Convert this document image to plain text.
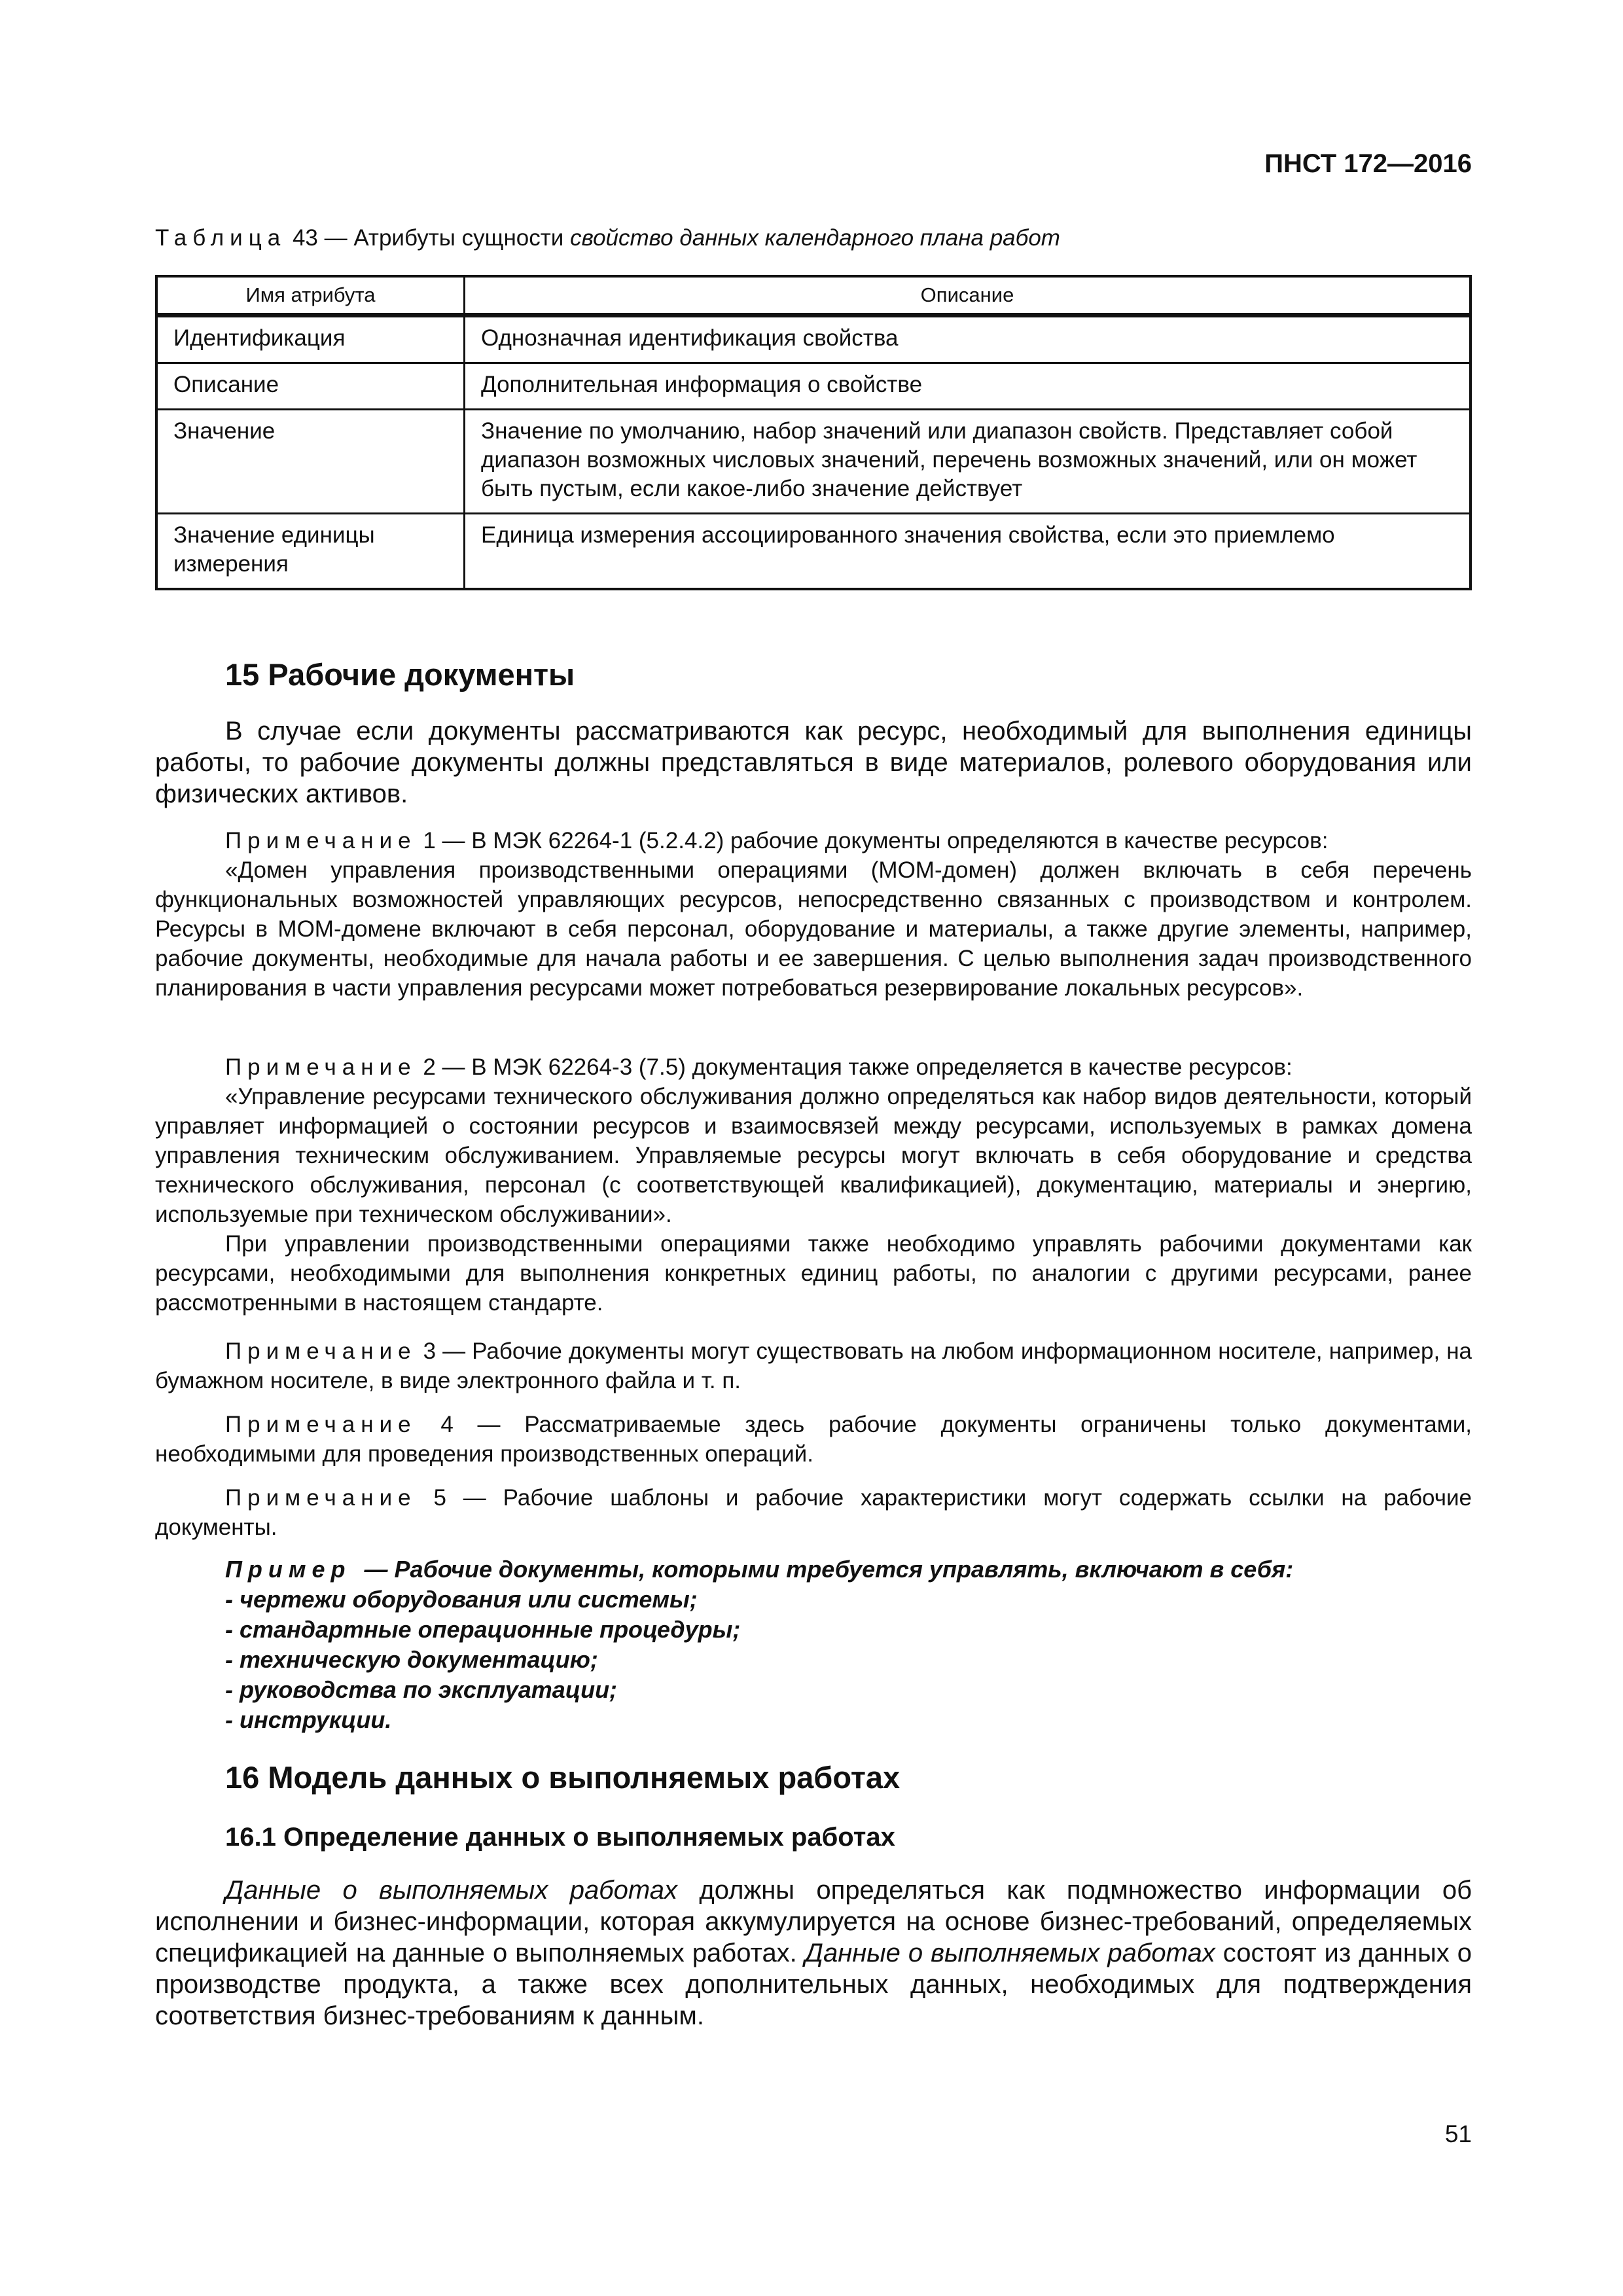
ПНСТ 172—2016
Таблица 43 — Атрибуты сущности свойство данных календарного плана работ
Имя атрибута	Описание
Идентификация	Однозначная идентификация свойства
Описание	Дополнительная информация о свойстве
Значение	Значение по умолчанию, набор значений или диапазон свойств. Представляет собой диапазон возможных числовых значений, перечень возможных значений, или он может быть пустым, если какое-либо значение действует
Значение единицы измерения	Единица измерения ассоциированного значения свойства, если это приемлемо
15 Рабочие документы
В случае если документы рассматриваются как ресурс, необходимый для выполнения единицы работы, то рабочие документы должны представляться в виде материалов, ролевого оборудования или физических активов.
Примечание 1 — В МЭК 62264-1 (5.2.4.2) рабочие документы определяются в качестве ресурсов:
«Домен управления производственными операциями (МОМ-домен) должен включать в себя перечень функциональных возможностей управляющих ресурсов, непосредственно связанных с производством и контролем. Ресурсы в МОМ-домене включают в себя персонал, оборудование и материалы, а также другие элементы, например, рабочие документы, необходимые для начала работы и ее завершения. С целью выполнения задач производственного планирования в части управления ресурсами может потребоваться резервирование локальных ресурсов».
Примечание 2 — В МЭК 62264-3 (7.5) документация также определяется в качестве ресурсов:
«Управление ресурсами технического обслуживания должно определяться как набор видов деятельности, который управляет информацией о состоянии ресурсов и взаимосвязей между ресурсами, используемых в рамках домена управления техническим обслуживанием. Управляемые ресурсы могут включать в себя оборудование и средства технического обслуживания, персонал (с соответствующей квалификацией), документацию, материалы и энергию, используемые при техническом обслуживании».
При управлении производственными операциями также необходимо управлять рабочими документами как ресурсами, необходимыми для выполнения конкретных единиц работы, по аналогии с другими ресурсами, ранее рассмотренными в настоящем стандарте.
Примечание 3 — Рабочие документы могут существовать на любом информационном носителе, например, на бумажном носителе, в виде электронного файла и т. п.
Примечание 4 — Рассматриваемые здесь рабочие документы ограничены только документами, необходимыми для проведения производственных операций.
Примечание 5 — Рабочие шаблоны и рабочие характеристики могут содержать ссылки на рабочие документы.
Пример — Рабочие документы, которыми требуется управлять, включают в себя:
- чертежи оборудования или системы;
- стандартные операционные процедуры;
- техническую документацию;
- руководства по эксплуатации;
- инструкции.
16 Модель данных о выполняемых работах
16.1 Определение данных о выполняемых работах
Данные о выполняемых работах должны определяться как подмножество информации об исполнении и бизнес-информации, которая аккумулируется на основе бизнес-требований, определяемых спецификацией на данные о выполняемых работах. Данные о выполняемых работах состоят из данных о производстве продукта, а также всех дополнительных данных, необходимых для подтверждения соответствия бизнес-требованиям к данным.
51
